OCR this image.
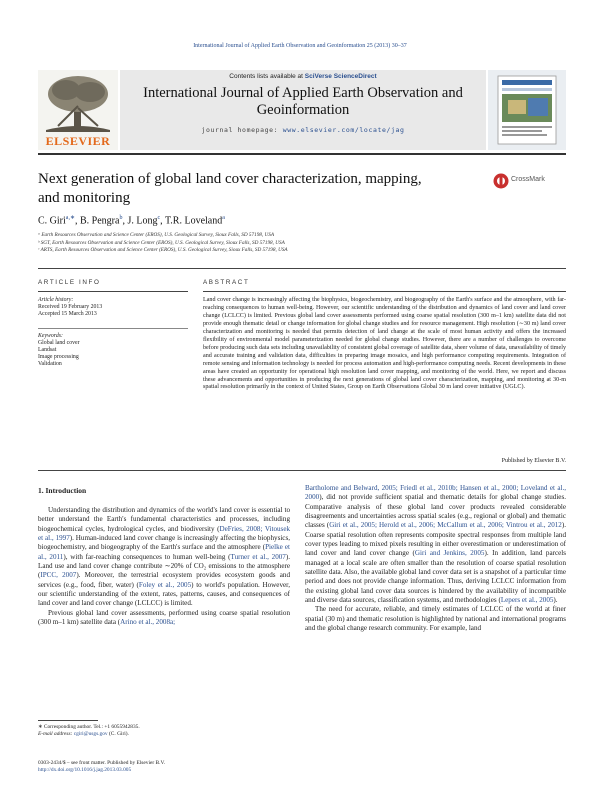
International Journal of Applied Earth Observation and Geoinformation 25 (2013) 30–37
ELSEVIER
Contents lists available at SciVerse ScienceDirect
International Journal of Applied Earth Observation and
Geoinformation
journal homepage: www.elsevier.com/locate/jag
Next generation of global land cover characterization, mapping,
and monitoring
CrossMark
C. Giri$^{a,∗}$, B. Pengra$^b$, J. Long$^c$, T.R. Loveland$^a$
ᵃ Earth Resources Observation and Science Center (EROS), U.S. Geological Survey, Sioux Falls, SD 57198, USA
ᵇ SGT, Earth Resources Observation and Science Center (EROS), U.S. Geological Survey, Sioux Falls, SD 57198, USA
ᶜ ARTS, Earth Resources Observation and Science Center (EROS), U.S. Geological Survey, Sioux Falls, SD 57198, USA
ARTICLE INFO
Article history:
Received 19 February 2013
Accepted 15 March 2013
Keywords:
Global land cover
Landsat
Image processing
Validation
ABSTRACT
Land cover change is increasingly affecting the biophysics, biogeochemistry, and biogeography of the Earth's surface and the atmosphere, with far-reaching consequences to human well-being. However, our scientific understanding of the distribution and dynamics of land cover and land cover change (LCLCC) is limited. Previous global land cover assessments performed using coarse spatial resolution (300 m–1 km) satellite data did not provide enough thematic detail or change information for global change studies and for resource management. High resolution (∼30 m) land cover characterization and monitoring is needed that permits detection of land change at the scale of most human activity and offers the increased flexibility of environmental model parameterization needed for global change studies. However, there are a number of challenges to overcome before producing such data sets including unavailability of consistent global coverage of satellite data, sheer volume of data, unavailability of timely and accurate training and validation data, difficulties in preparing image mosaics, and high performance computing requirements. Integration of remote sensing and information technology is needed for process automation and high-performance computing needs. Recent developments in these areas have created an opportunity for operational high resolution land cover mapping, and monitoring of the world. Here, we report and discuss these advancements and opportunities in producing the next generations of global land cover characterization, mapping, and monitoring at 30-m spatial resolution primarily in the context of United States, Group on Earth Observations Global 30 m land cover initiative (UGLC).
Published by Elsevier B.V.
1. Introduction

Understanding the distribution and dynamics of the world's land cover is essential to better understand the Earth's fundamental characteristics and processes, including biogeochemical cycles, hydrological cycles, and biodiversity (DeFries, 2008; Vitousek et al., 1997). Human-induced land cover change is increasingly affecting the biophysics, biogeochemistry, and biogeography of the Earth's surface and the atmosphere (Pielke et al., 2011), with far-reaching consequences to human well-being (Turner et al., 2007). Land use and land cover change contribute ∼20% of CO₂ emissions to the atmosphere (IPCC, 2007). Moreover, the terrestrial ecosystem provides ecosystem goods and services (e.g., food, fiber, water) (Foley et al., 2005) to world's population. However, our scientific understanding of the extent, rates, patterns, causes, and consequences of land cover and land cover change (LCLCC) is limited.

Previous global land cover assessments, performed using coarse spatial resolution (300 m–1 km) satellite data (Arino et al., 2008a;

Bartholome and Belward, 2005; Friedl et al., 2010b; Hansen et al., 2000; Loveland et al., 2000), did not provide sufficient spatial and thematic details for global change studies. Comparative analysis of these global land cover products revealed considerable disagreements and uncertainties across spatial scales (e.g., regional or global) and thematic classes (Giri et al., 2005; Herold et al., 2006; McCallum et al., 2006; Vintrou et al., 2012). Coarse spatial resolution often represents composite spectral responses from multiple land cover types leading to mixed pixels resulting in either overestimation or underestimation of land cover and land cover change (Giri and Jenkins, 2005). In addition, land parcels managed at a local scale are often smaller than the resolution of coarse spatial resolution satellite data. Also, the available global land cover data set is a snapshot of a particular time period and does not provide change information. Thus, deriving LCLCC information from the existing global land cover data sources is hindered by the availability of incompatible and diverse data sources, classification systems, and methodologies (Lepers et al., 2005).

The need for accurate, reliable, and timely estimates of LCLCC of the world at finer spatial (30 m) and thematic resolution is highlighted by national and international programs and the global change research community. For example, land

∗ Corresponding author. Tel.: +1 6055942835.
E-mail address: cgiri@usgs.gov (C. Giri).
0303-2434/$ – see front matter. Published by Elsevier B.V.
http://dx.doi.org/10.1016/j.jag.2013.03.005
